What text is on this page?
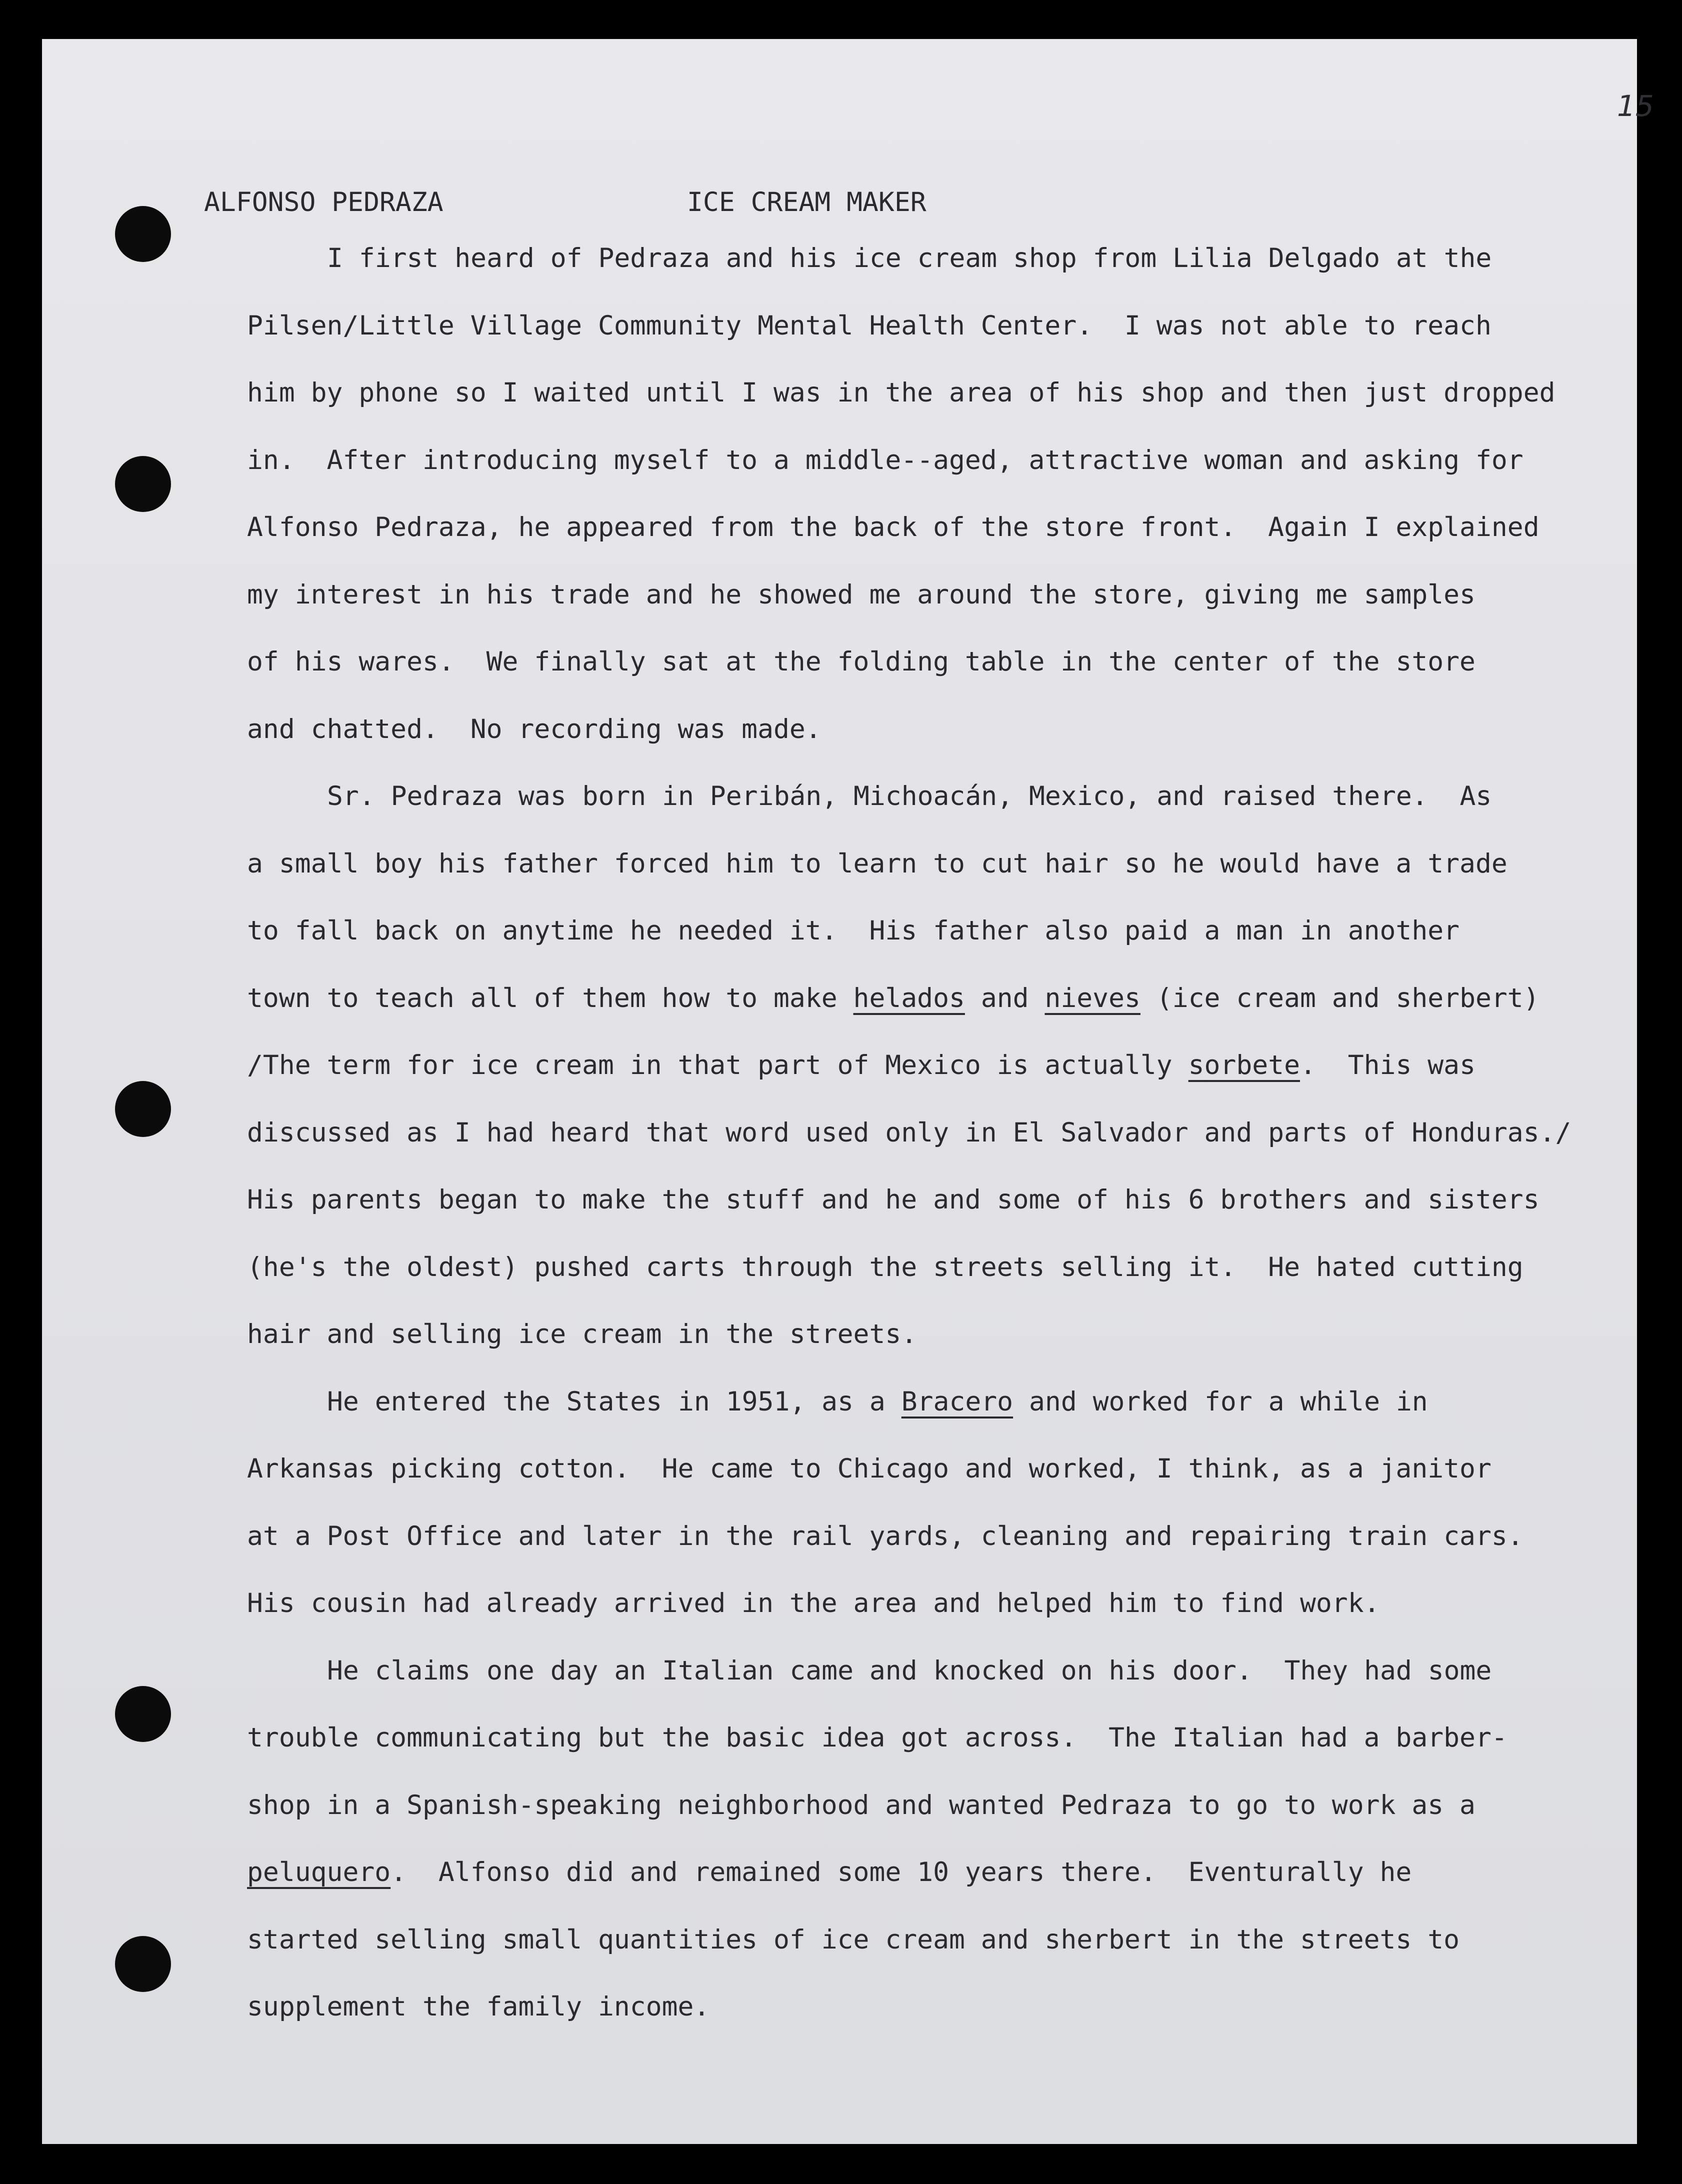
15
ALFONSO PEDRAZA	ICE CREAM MAKER
I first heard of Pedraza and his ice cream shop from Lilia Delgado at the
Pilsen/Little Village Community Mental Health Center.  I was not able to reach
him by phone so I waited until I was in the area of his shop and then just dropped
in.  After introducing myself to a middle--aged, attractive woman and asking for
Alfonso Pedraza, he appeared from the back of the store front.  Again I explained
my interest in his trade and he showed me around the store, giving me samples
of his wares.  We finally sat at the folding table in the center of the store
and chatted.  No recording was made.
Sr. Pedraza was born in Peribán, Michoacán, Mexico, and raised there.  As
a small boy his father forced him to learn to cut hair so he would have a trade
to fall back on anytime he needed it.  His father also paid a man in another
town to teach all of them how to make helados and nieves (ice cream and sherbert)
/The term for ice cream in that part of Mexico is actually sorbete.  This was
discussed as I had heard that word used only in El Salvador and parts of Honduras./
His parents began to make the stuff and he and some of his 6 brothers and sisters
(he's the oldest) pushed carts through the streets selling it.  He hated cutting
hair and selling ice cream in the streets.
He entered the States in 1951, as a Bracero and worked for a while in
Arkansas picking cotton.  He came to Chicago and worked, I think, as a janitor
at a Post Office and later in the rail yards, cleaning and repairing train cars.
His cousin had already arrived in the area and helped him to find work.
He claims one day an Italian came and knocked on his door.  They had some
trouble communicating but the basic idea got across.  The Italian had a barber-
shop in a Spanish-speaking neighborhood and wanted Pedraza to go to work as a
peluquero.  Alfonso did and remained some 10 years there.  Eventurally he
started selling small quantities of ice cream and sherbert in the streets to
supplement the family income.
